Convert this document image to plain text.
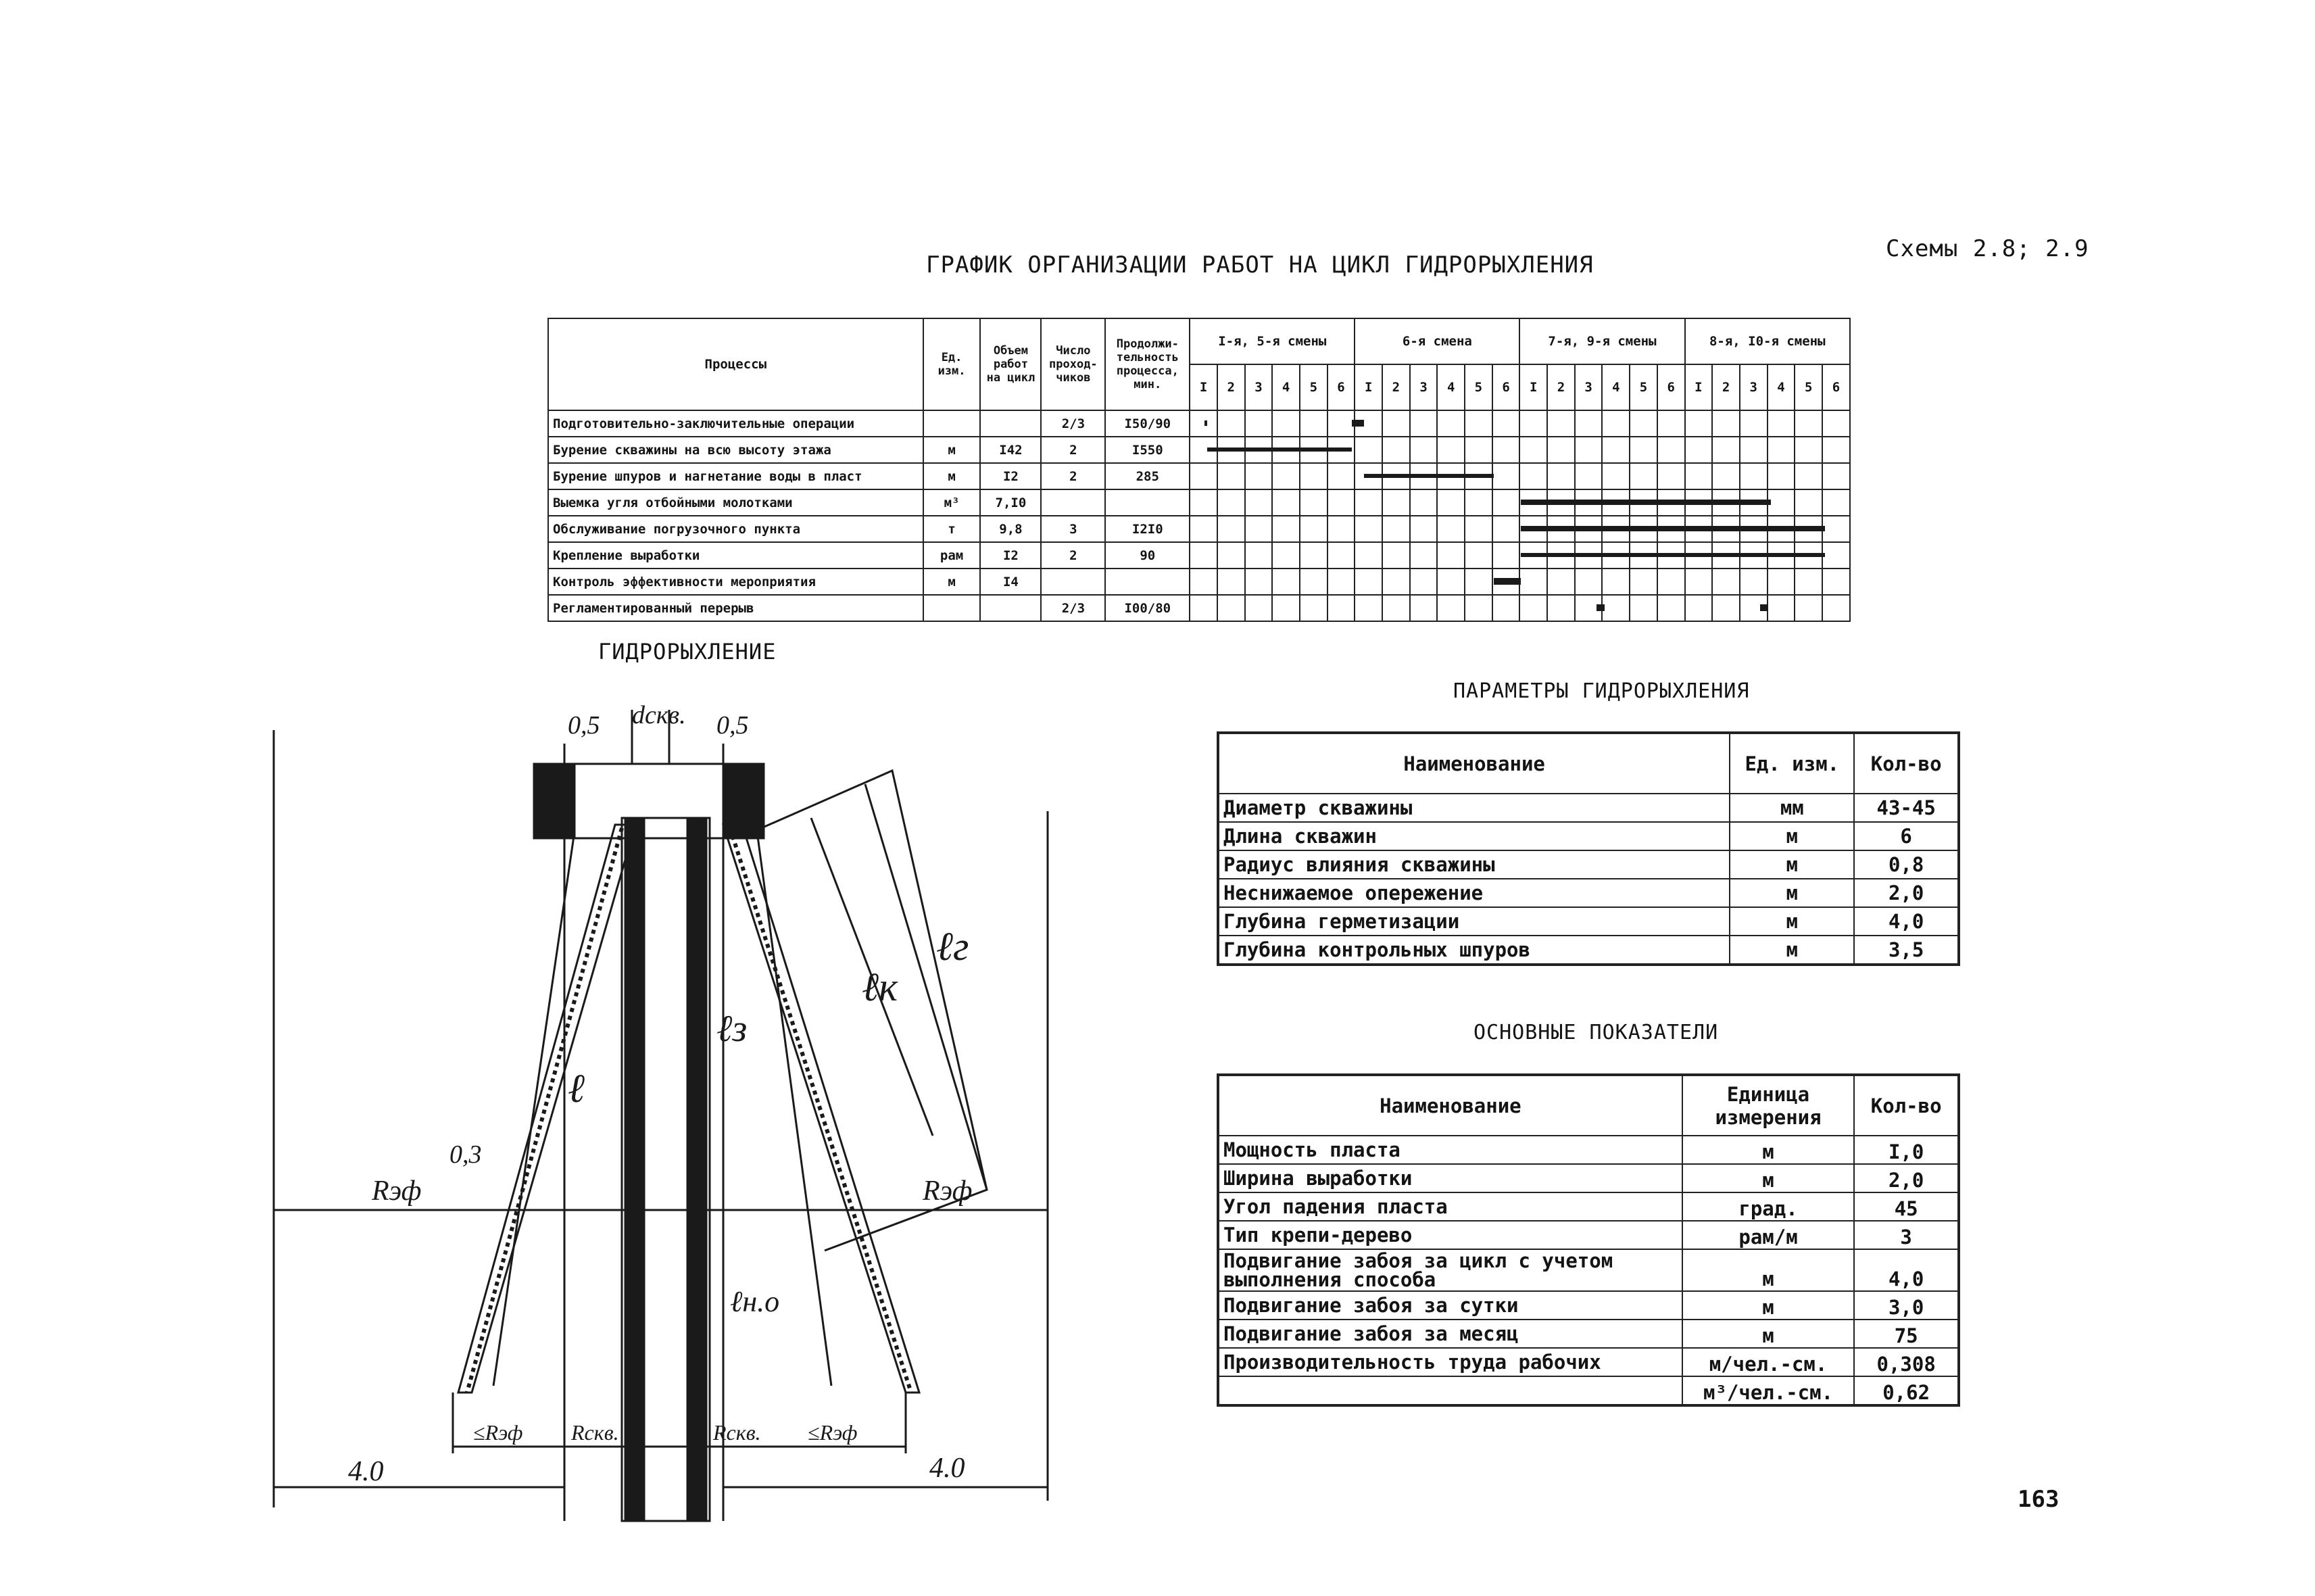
ГРАФИК ОРГАНИЗАЦИИ РАБОТ НА ЦИКЛ ГИДРОРЫХЛЕНИЯ
Схемы 2.8; 2.9
Процессы	Ед. изм.	Объем работ на цикл	Число проход- чиков	Продолжи- тельность процесса, мин.	I-я, 5-я смены						6-я смена						7-я, 9-я смены						8-я, I0-я смены					
					I	2	3	4	5	6	I	2	3	4	5	6	I	2	3	4	5	6	I	2	3	4	5	6
Подготовительно-заключительные операции			2/3	I50/90																								
Бурение скважины на всю высоту этажа	м	I42	2	I550																								
Бурение шпуров и нагнетание воды в пласт	м	I2	2	285																								
Выемка угля отбойными молотками	м³	7,I0																										
Обслуживание погрузочного пункта	т	9,8	3	I2I0																								
Крепление выработки	рам	I2	2	90																								
Контроль эффективности мероприятия	м	I4																										
Регламентированный перерыв			2/3	I00/80																								
ГИДРОРЫХЛЕНИЕ
0,5 dскв. 0,5
ℓк
ℓг
ℓз
ℓ
0,3
Rэф	Rэф
ℓн.о
≤Rэф Rскв.	Rскв. ≤Rэф
4.0	4.0
ПАРАМЕТРЫ ГИДРОРЫХЛЕНИЯ
Наименование	Ед. изм.	Кол-во
Диаметр скважины	мм	43-45
Длина скважин	м	6
Радиус влияния скважины	м	0,8
Неснижаемое опережение	м	2,0
Глубина герметизации	м	4,0
Глубина контрольных шпуров	м	3,5
ОСНОВНЫЕ ПОКАЗАТЕЛИ
Наименование	Единица измерения	Кол-во
Мощность пласта	м	I,0
Ширина выработки	м	2,0
Угол падения пласта	град.	45
Тип крепи-дерево	рам/м	3
Подвигание забоя за цикл с учетом выполнения способа	м	4,0
Подвигание забоя за сутки	м	3,0
Подвигание забоя за месяц	м	75
Производительность труда рабочих	м/чел.-см.	0,308
	м³/чел.-см.	0,62
163
